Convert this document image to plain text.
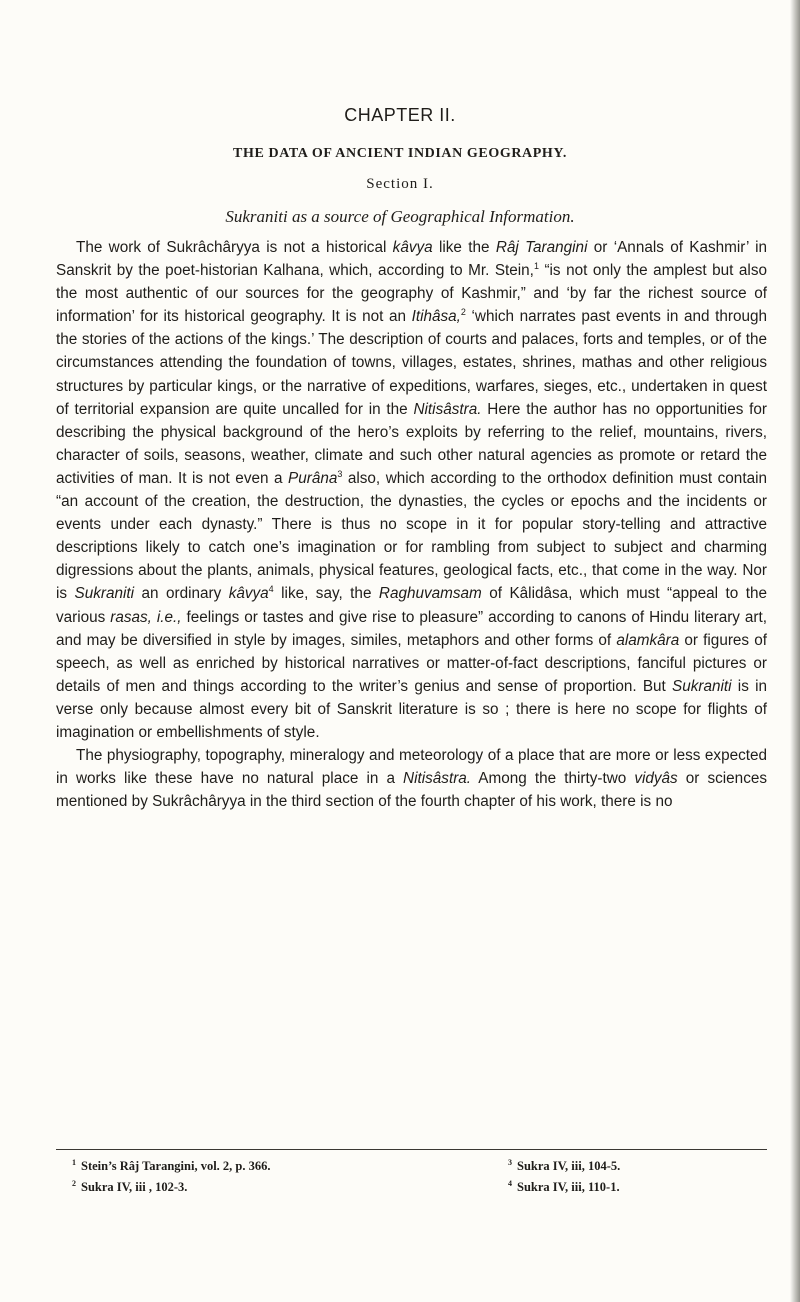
CHAPTER II.
THE DATA OF ANCIENT INDIAN GEOGRAPHY.
Section I.
Sukraniti as a source of Geographical Information.

The work of Sukrâchâryya is not a historical kâvya like the Râj Tarangini or ‘Annals of Kashmir’ in Sanskrit by the poet-historian Kalhana, which, according to Mr. Stein,$^1$ “is not only the amplest but also the most authentic of our sources for the geography of Kashmir,” and ‘by far the richest source of information’ for its historical geography. It is not an Itihâsa,$^2$ ‘which narrates past events in and through the stories of the actions of the kings.’ The description of courts and palaces, forts and temples, or of the circumstances attending the foundation of towns, villages, estates, shrines, mathas and other religious structures by particular kings, or the narrative of expeditions, warfares, sieges, etc., undertaken in quest of territorial expansion are quite uncalled for in the Nitisâstra. Here the author has no opportunities for describing the physical background of the hero’s exploits by referring to the relief, mountains, rivers, character of soils, seasons, weather, climate and such other natural agencies as promote or retard the activities of man. It is not even a Purâna$^3$ also, which according to the orthodox definition must contain “an account of the creation, the destruction, the dynasties, the cycles or epochs and the incidents or events under each dynasty.” There is thus no scope in it for popular story-telling and attractive descriptions likely to catch one’s imagination or for rambling from subject to subject and charming digressions about the plants, animals, physical features, geological facts, etc., that come in the way. Nor is Sukraniti an ordinary kâvya$^4$ like, say, the Raghuvamsam of Kâlidâsa, which must “appeal to the various rasas, i.e., feelings or tastes and give rise to pleasure” according to canons of Hindu literary art, and may be diversified in style by images, similes, metaphors and other forms of alamkâra or figures of speech, as well as enriched by historical narratives or matter-of-fact descriptions, fanciful pictures or details of men and things according to the writer’s genius and sense of proportion. But Sukraniti is in verse only because almost every bit of Sanskrit literature is so ; there is here no scope for flights of imagination or embellishments of style.

The physiography, topography, mineralogy and meteorology of a place that are more or less expected in works like these have no natural place in a Nitisâstra. Among the thirty-two vidyâs or sciences mentioned by Sukrâchâryya in the third section of the fourth chapter of his work, there is no

$^1$ Stein’s Râj Tarangini, vol. 2, p. 366.
$^2$ Sukra IV, iii , 102-3.
$^3$ Sukra IV, iii, 104-5.
$^4$ Sukra IV, iii, 110-1.
